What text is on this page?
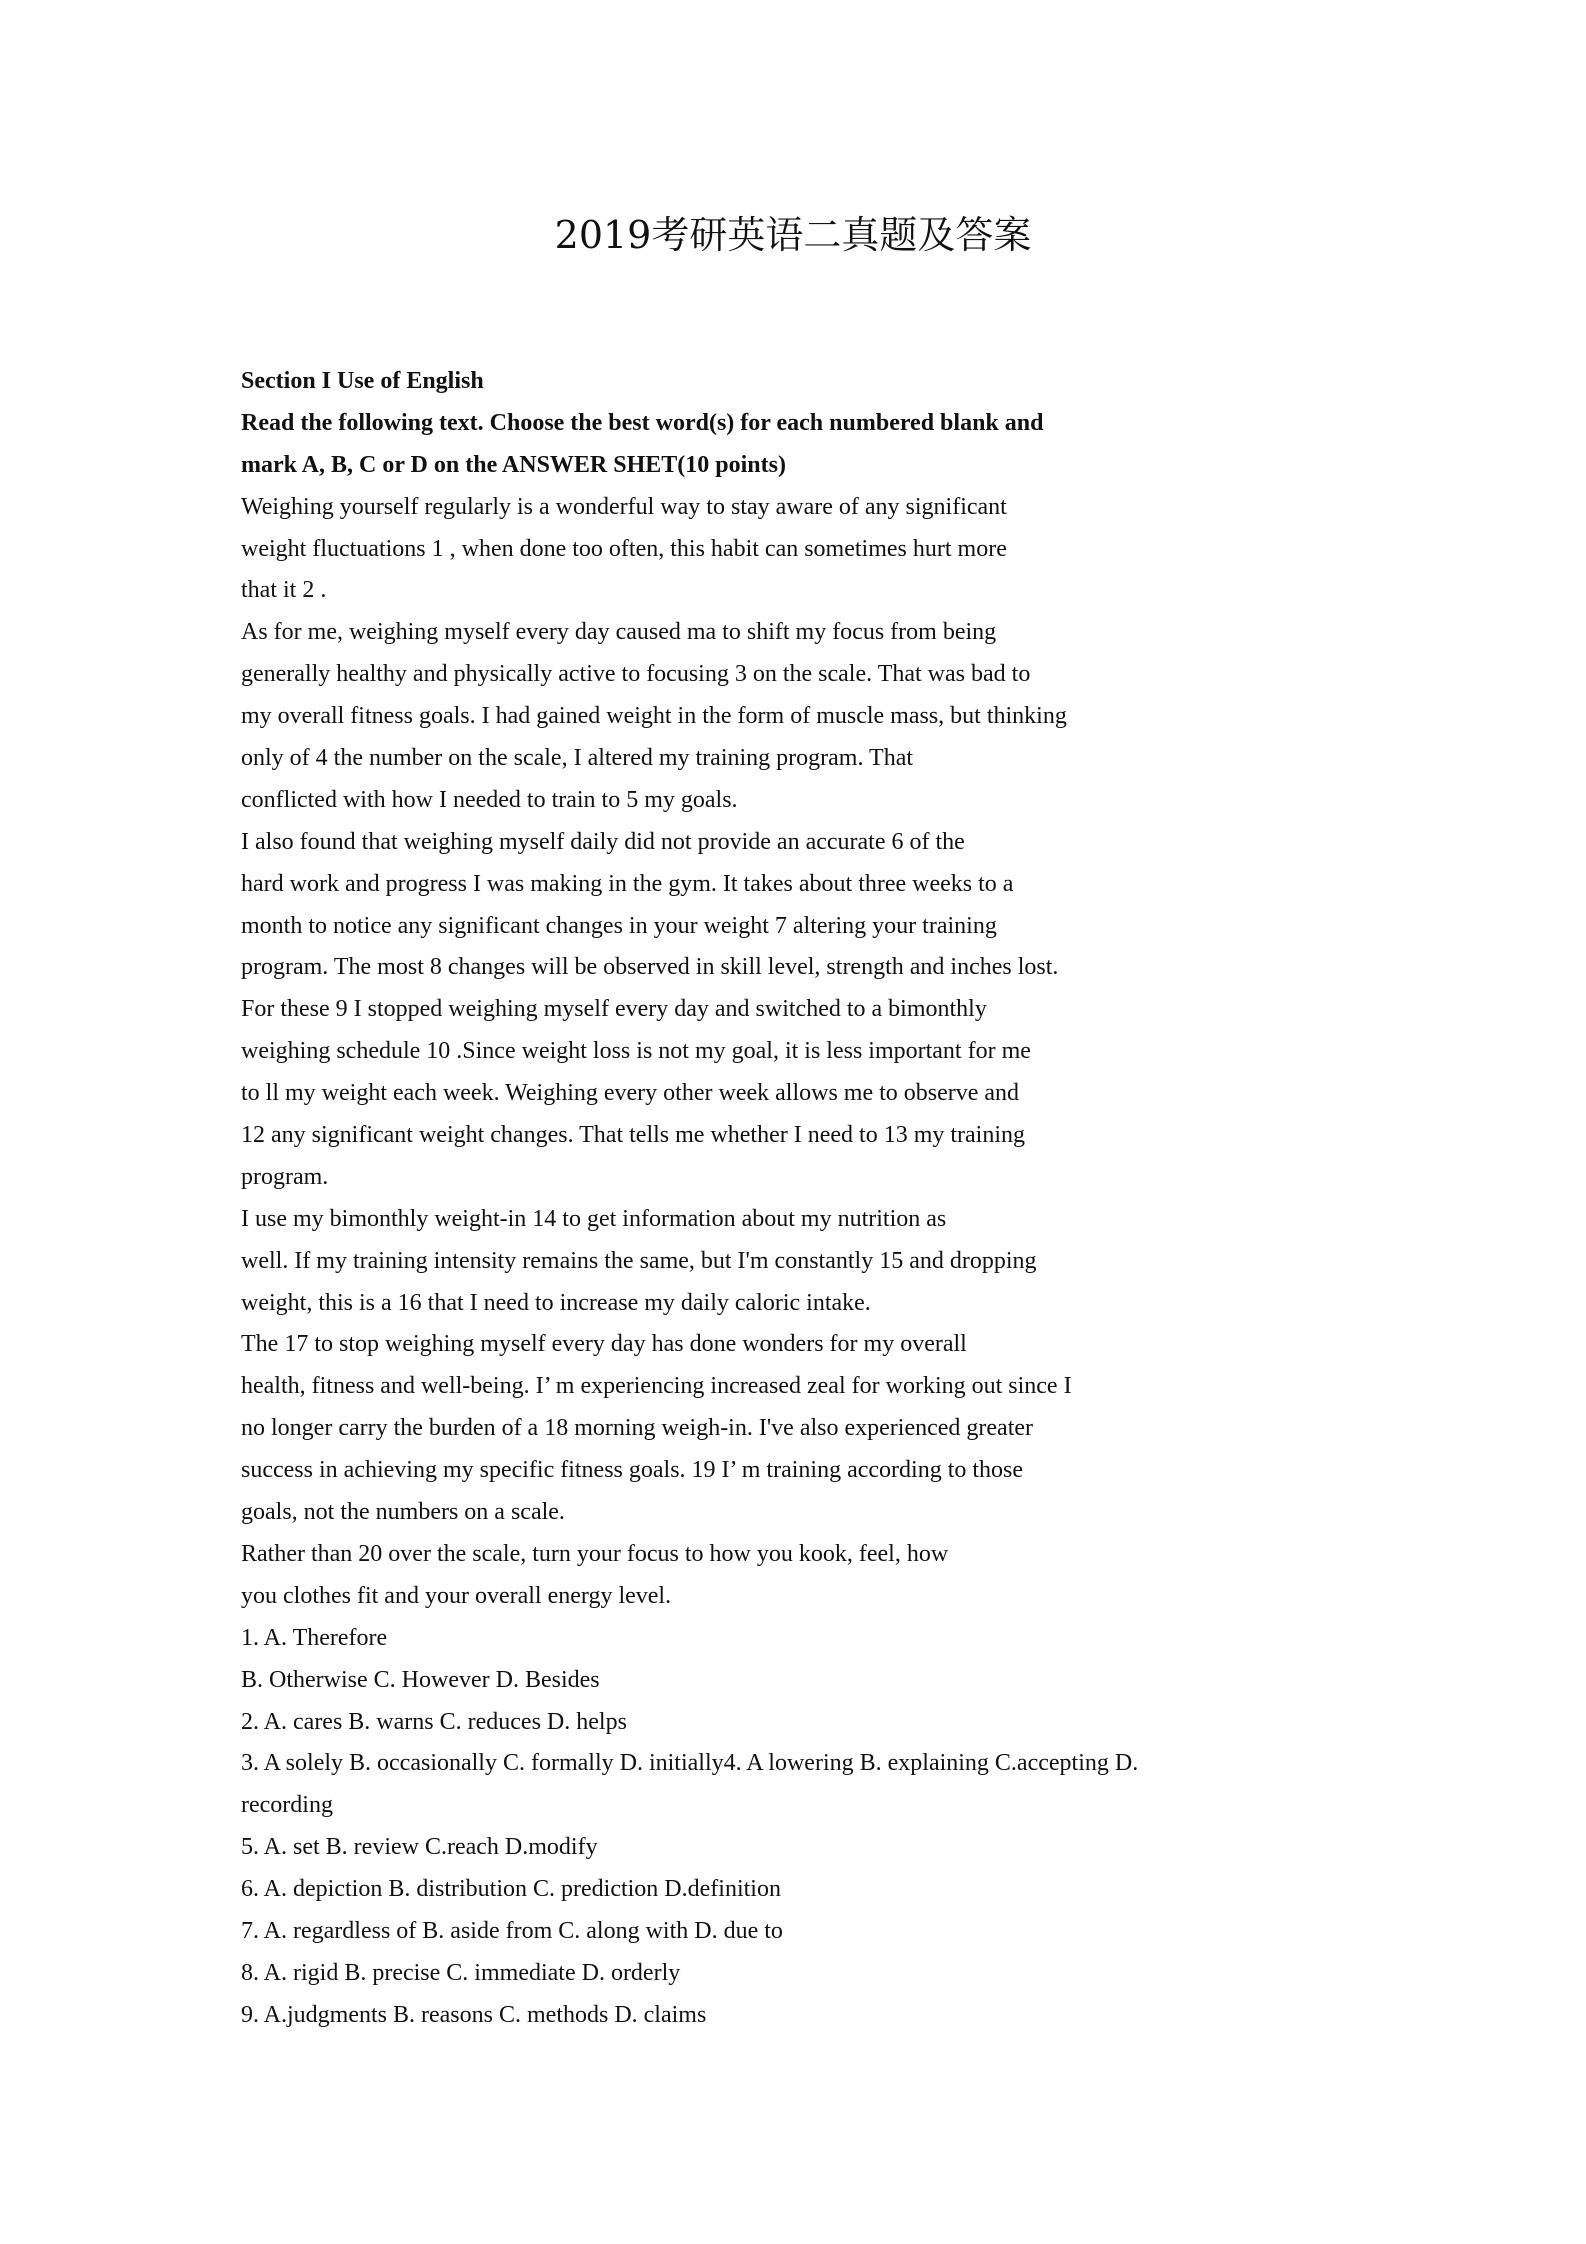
2019考研英语二真题及答案
Section I Use of English
Read the following text. Choose the best word(s) for each numbered blank and
mark A, B, C or D on the ANSWER SHET(10 points)
Weighing yourself regularly is a wonderful way to stay aware of any significant
weight fluctuations 1 , when done too often, this habit can sometimes hurt more
that it 2 .
As for me, weighing myself every day caused ma to shift my focus from being
generally healthy and physically active to focusing 3 on the scale. That was bad to
my overall fitness goals. I had gained weight in the form of muscle mass, but thinking
only of 4 the number on the scale, I altered my training program. That
conflicted with how I needed to train to 5 my goals.
I also found that weighing myself daily did not provide an accurate 6 of the
hard work and progress I was making in the gym. It takes about three weeks to a
month to notice any significant changes in your weight 7 altering your training
program. The most 8 changes will be observed in skill level, strength and inches lost.
For these 9 I stopped weighing myself every day and switched to a bimonthly
weighing schedule 10 .Since weight loss is not my goal, it is less important for me
to ll my weight each week. Weighing every other week allows me to observe and
12 any significant weight changes. That tells me whether I need to 13 my training
program.
I use my bimonthly weight-in 14 to get information about my nutrition as
well. If my training intensity remains the same, but I'm constantly 15 and dropping
weight, this is a 16 that I need to increase my daily caloric intake.
The 17 to stop weighing myself every day has done wonders for my overall
health, fitness and well-being. I’ m experiencing increased zeal for working out since I
no longer carry the burden of a 18 morning weigh-in. I've also experienced greater
success in achieving my specific fitness goals. 19 I’ m training according to those
goals, not the numbers on a scale.
Rather than 20 over the scale, turn your focus to how you kook, feel, how
you clothes fit and your overall energy level.
1. A. Therefore
B. Otherwise C. However D. Besides
2. A. cares B. warns C. reduces D. helps
3. A solely B. occasionally C. formally D. initially4. A lowering B. explaining C.accepting D.
recording
5. A. set B. review C.reach D.modify
6. A. depiction B. distribution C. prediction D.definition
7. A. regardless of B. aside from C. along with D. due to
8. A. rigid B. precise C. immediate D. orderly
9. A.judgments B. reasons C. methods D. claims
